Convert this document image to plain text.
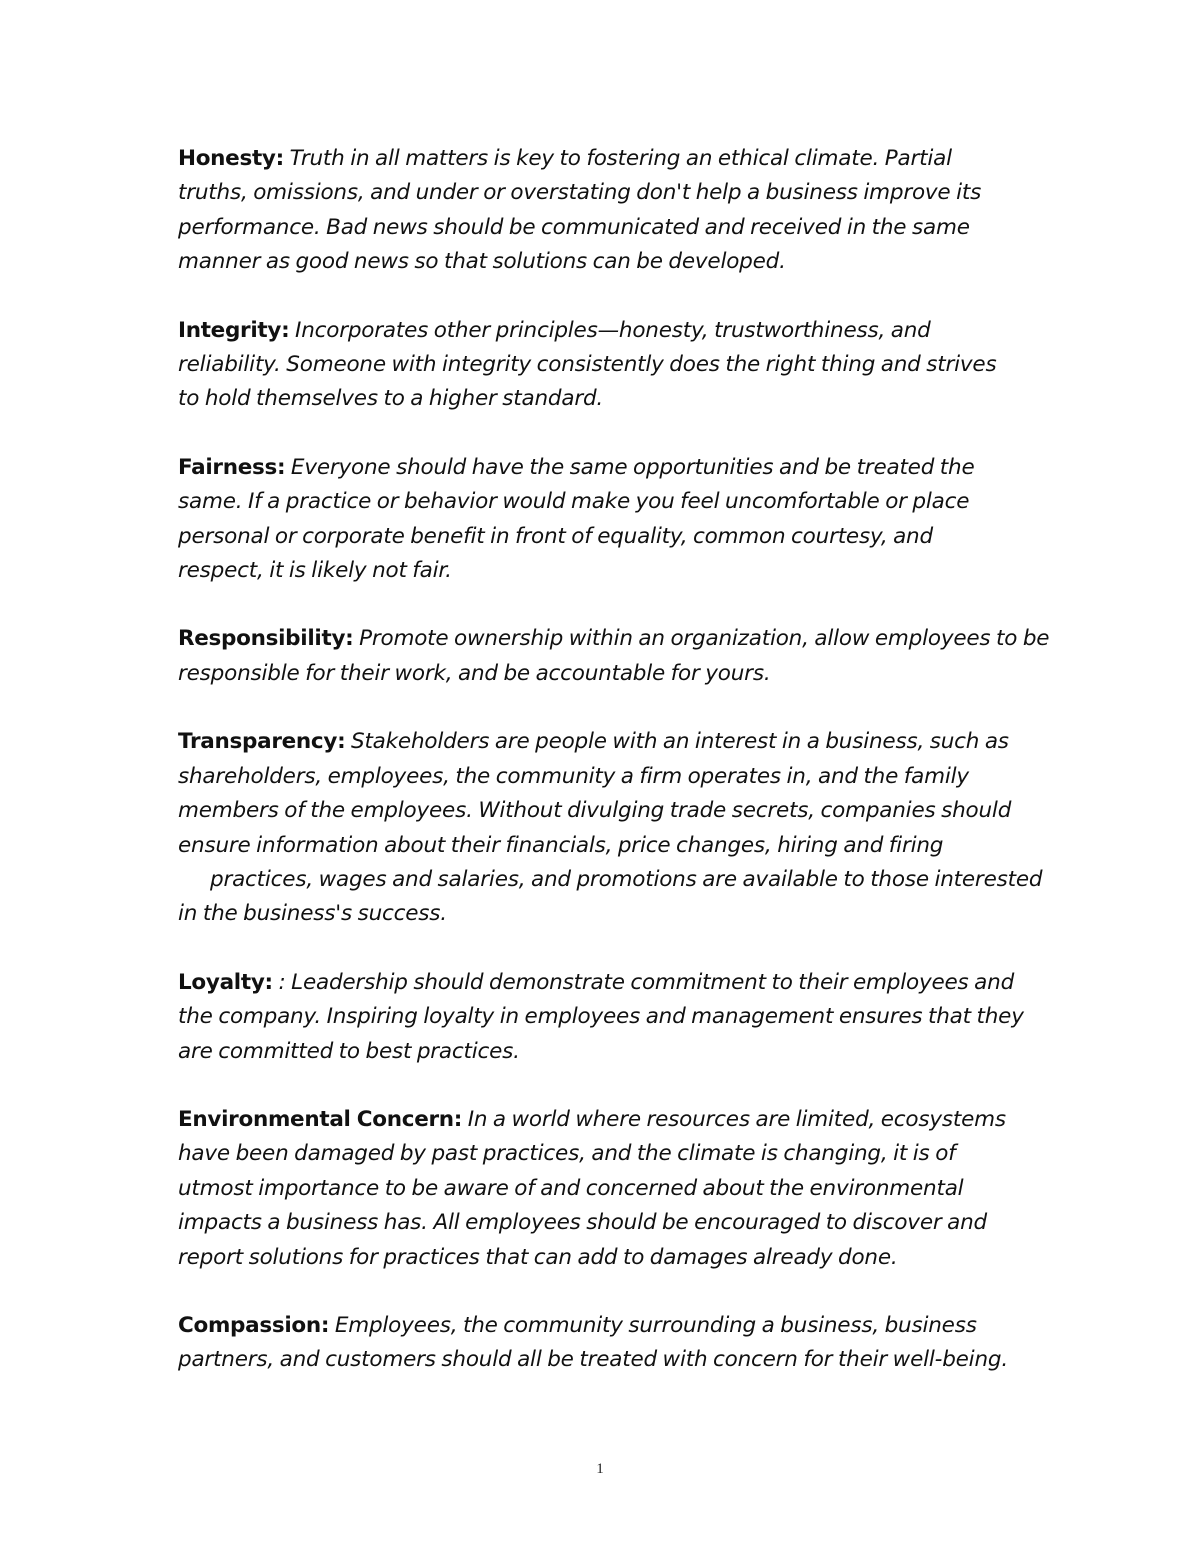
Honesty: Truth in all matters is key to fostering an ethical climate. Partial
truths, omissions, and under or overstating don't help a business improve its
performance. Bad news should be communicated and received in the same
manner as good news so that solutions can be developed.

Integrity: Incorporates other principles—honesty, trustworthiness, and
reliability. Someone with integrity consistently does the right thing and strives
to hold themselves to a higher standard.

Fairness: Everyone should have the same opportunities and be treated the
same. If a practice or behavior would make you feel uncomfortable or place
personal or corporate benefit in front of equality, common courtesy, and
respect, it is likely not fair.

Responsibility: Promote ownership within an organization, allow employees to be
responsible for their work, and be accountable for yours.

Transparency: Stakeholders are people with an interest in a business, such as
shareholders, employees, the community a firm operates in, and the family
members of the employees. Without divulging trade secrets, companies should
ensure information about their financials, price changes, hiring and firing
practices, wages and salaries, and promotions are available to those interested
in the business's success.

Loyalty: : Leadership should demonstrate commitment to their employees and
the company. Inspiring loyalty in employees and management ensures that they
are committed to best practices.

Environmental Concern: In a world where resources are limited, ecosystems
have been damaged by past practices, and the climate is changing, it is of
utmost importance to be aware of and concerned about the environmental
impacts a business has. All employees should be encouraged to discover and
report solutions for practices that can add to damages already done.

Compassion: Employees, the community surrounding a business, business
partners, and customers should all be treated with concern for their well-being.

1
